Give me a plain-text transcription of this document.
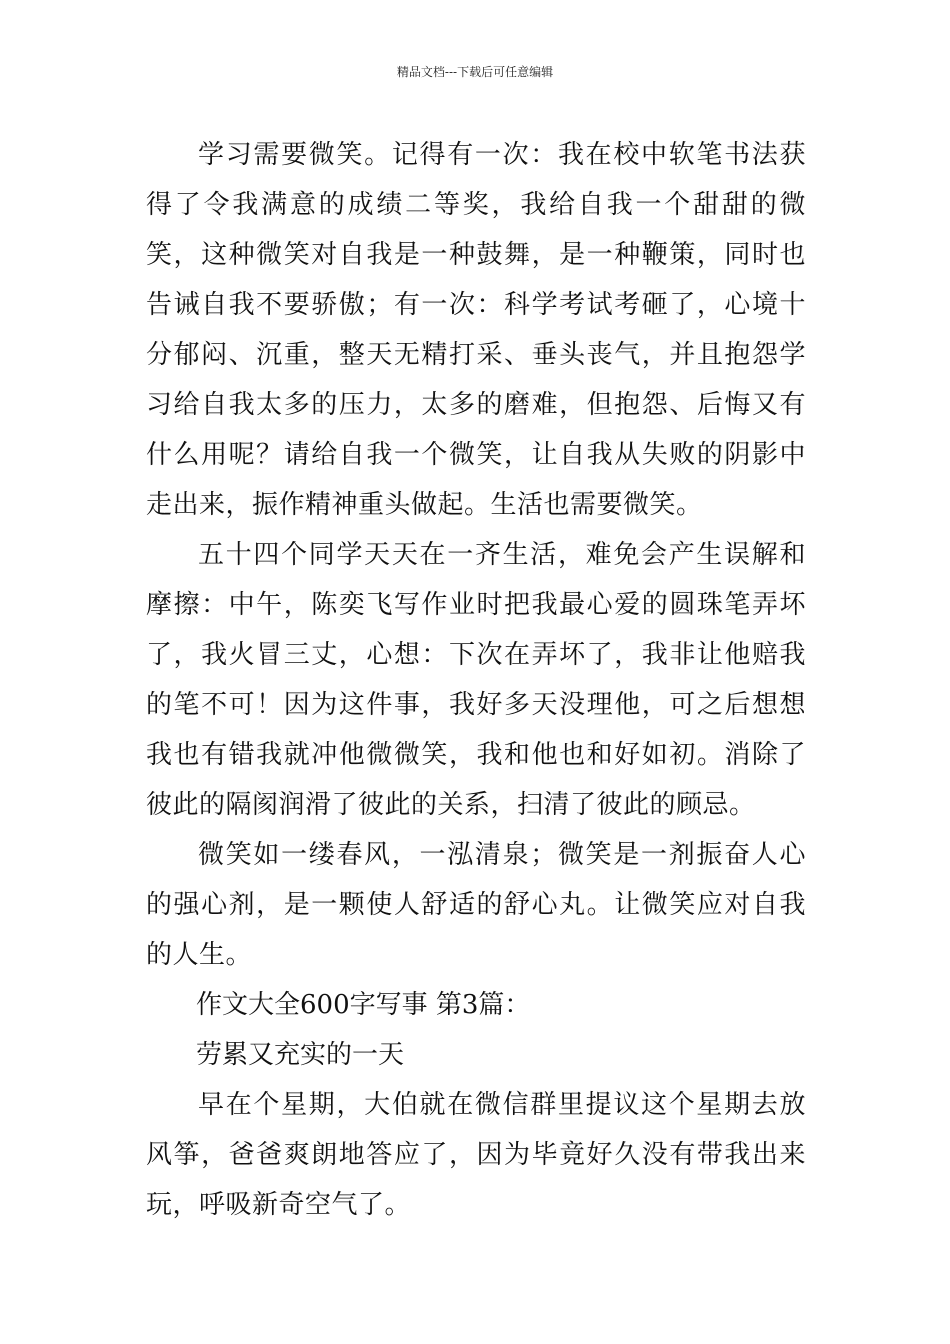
精品文档---下载后可任意编辑

学习需要微笑。记得有一次：我在校中软笔书法获得了令我满意的成绩二等奖，我给自我一个甜甜的微笑，这种微笑对自我是一种鼓舞，是一种鞭策，同时也告诫自我不要骄傲；有一次：科学考试考砸了，心境十分郁闷、沉重，整天无精打采、垂头丧气，并且抱怨学习给自我太多的压力，太多的磨难，但抱怨、后悔又有什么用呢？请给自我一个微笑，让自我从失败的阴影中走出来，振作精神重头做起。生活也需要微笑。

五十四个同学天天在一齐生活，难免会产生误解和摩擦：中午，陈奕飞写作业时把我最心爱的圆珠笔弄坏了，我火冒三丈，心想：下次在弄坏了，我非让他赔我的笔不可！因为这件事，我好多天没理他，可之后想想我也有错我就冲他微微笑，我和他也和好如初。消除了彼此的隔阂润滑了彼此的关系，扫清了彼此的顾忌。

微笑如一缕春风，一泓清泉；微笑是一剂振奋人心的强心剂，是一颗使人舒适的舒心丸。让微笑应对自我的人生。

作文大全600字写事 第3篇：

劳累又充实的一天

早在个星期，大伯就在微信群里提议这个星期去放风筝，爸爸爽朗地答应了，因为毕竟好久没有带我出来玩，呼吸新奇空气了。
